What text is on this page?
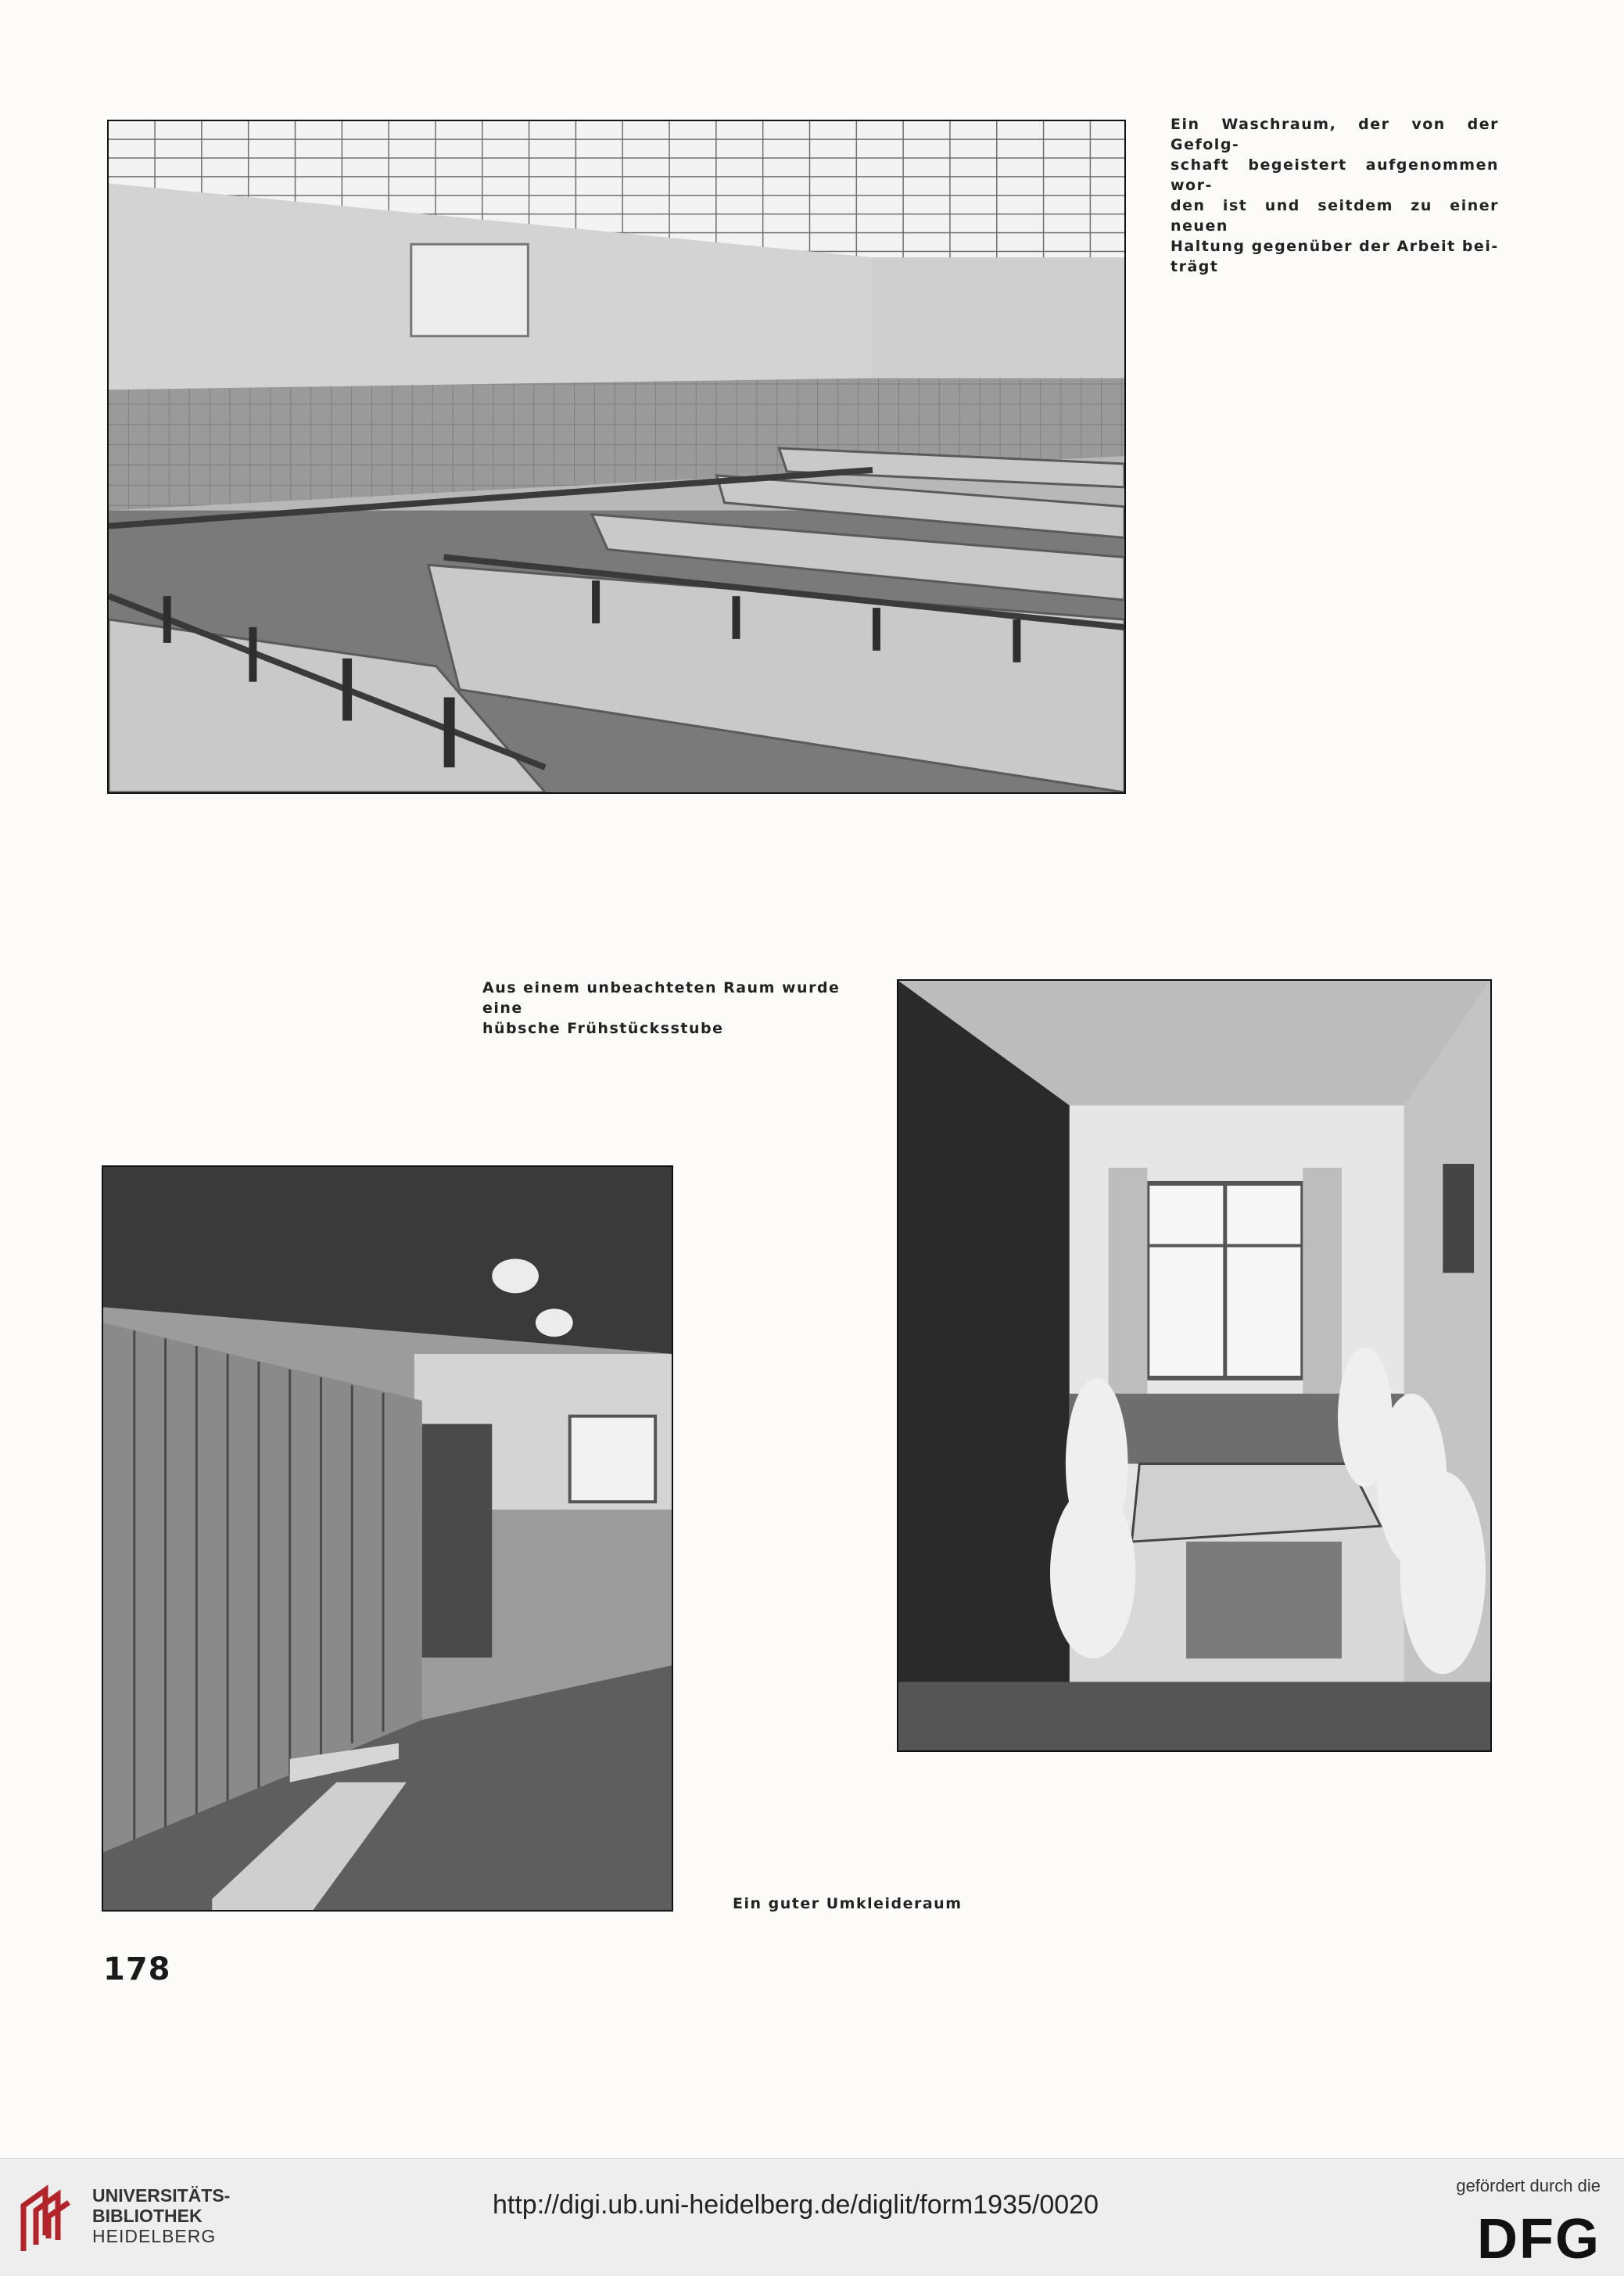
Ein Waschraum, der von der Gefolg-
schaft begeistert aufgenommen wor-
den ist und seitdem zu einer neuen
Haltung gegenüber der Arbeit bei-
trägt
Aus einem unbeachteten Raum wurde eine
hübsche Frühstücksstube
Ein guter Umkleideraum
178
UNIVERSITÄTS-
BIBLIOTHEK
HEIDELBERG
http://digi.ub.uni-heidelberg.de/diglit/form1935/0020
gefördert durch die
DFG
